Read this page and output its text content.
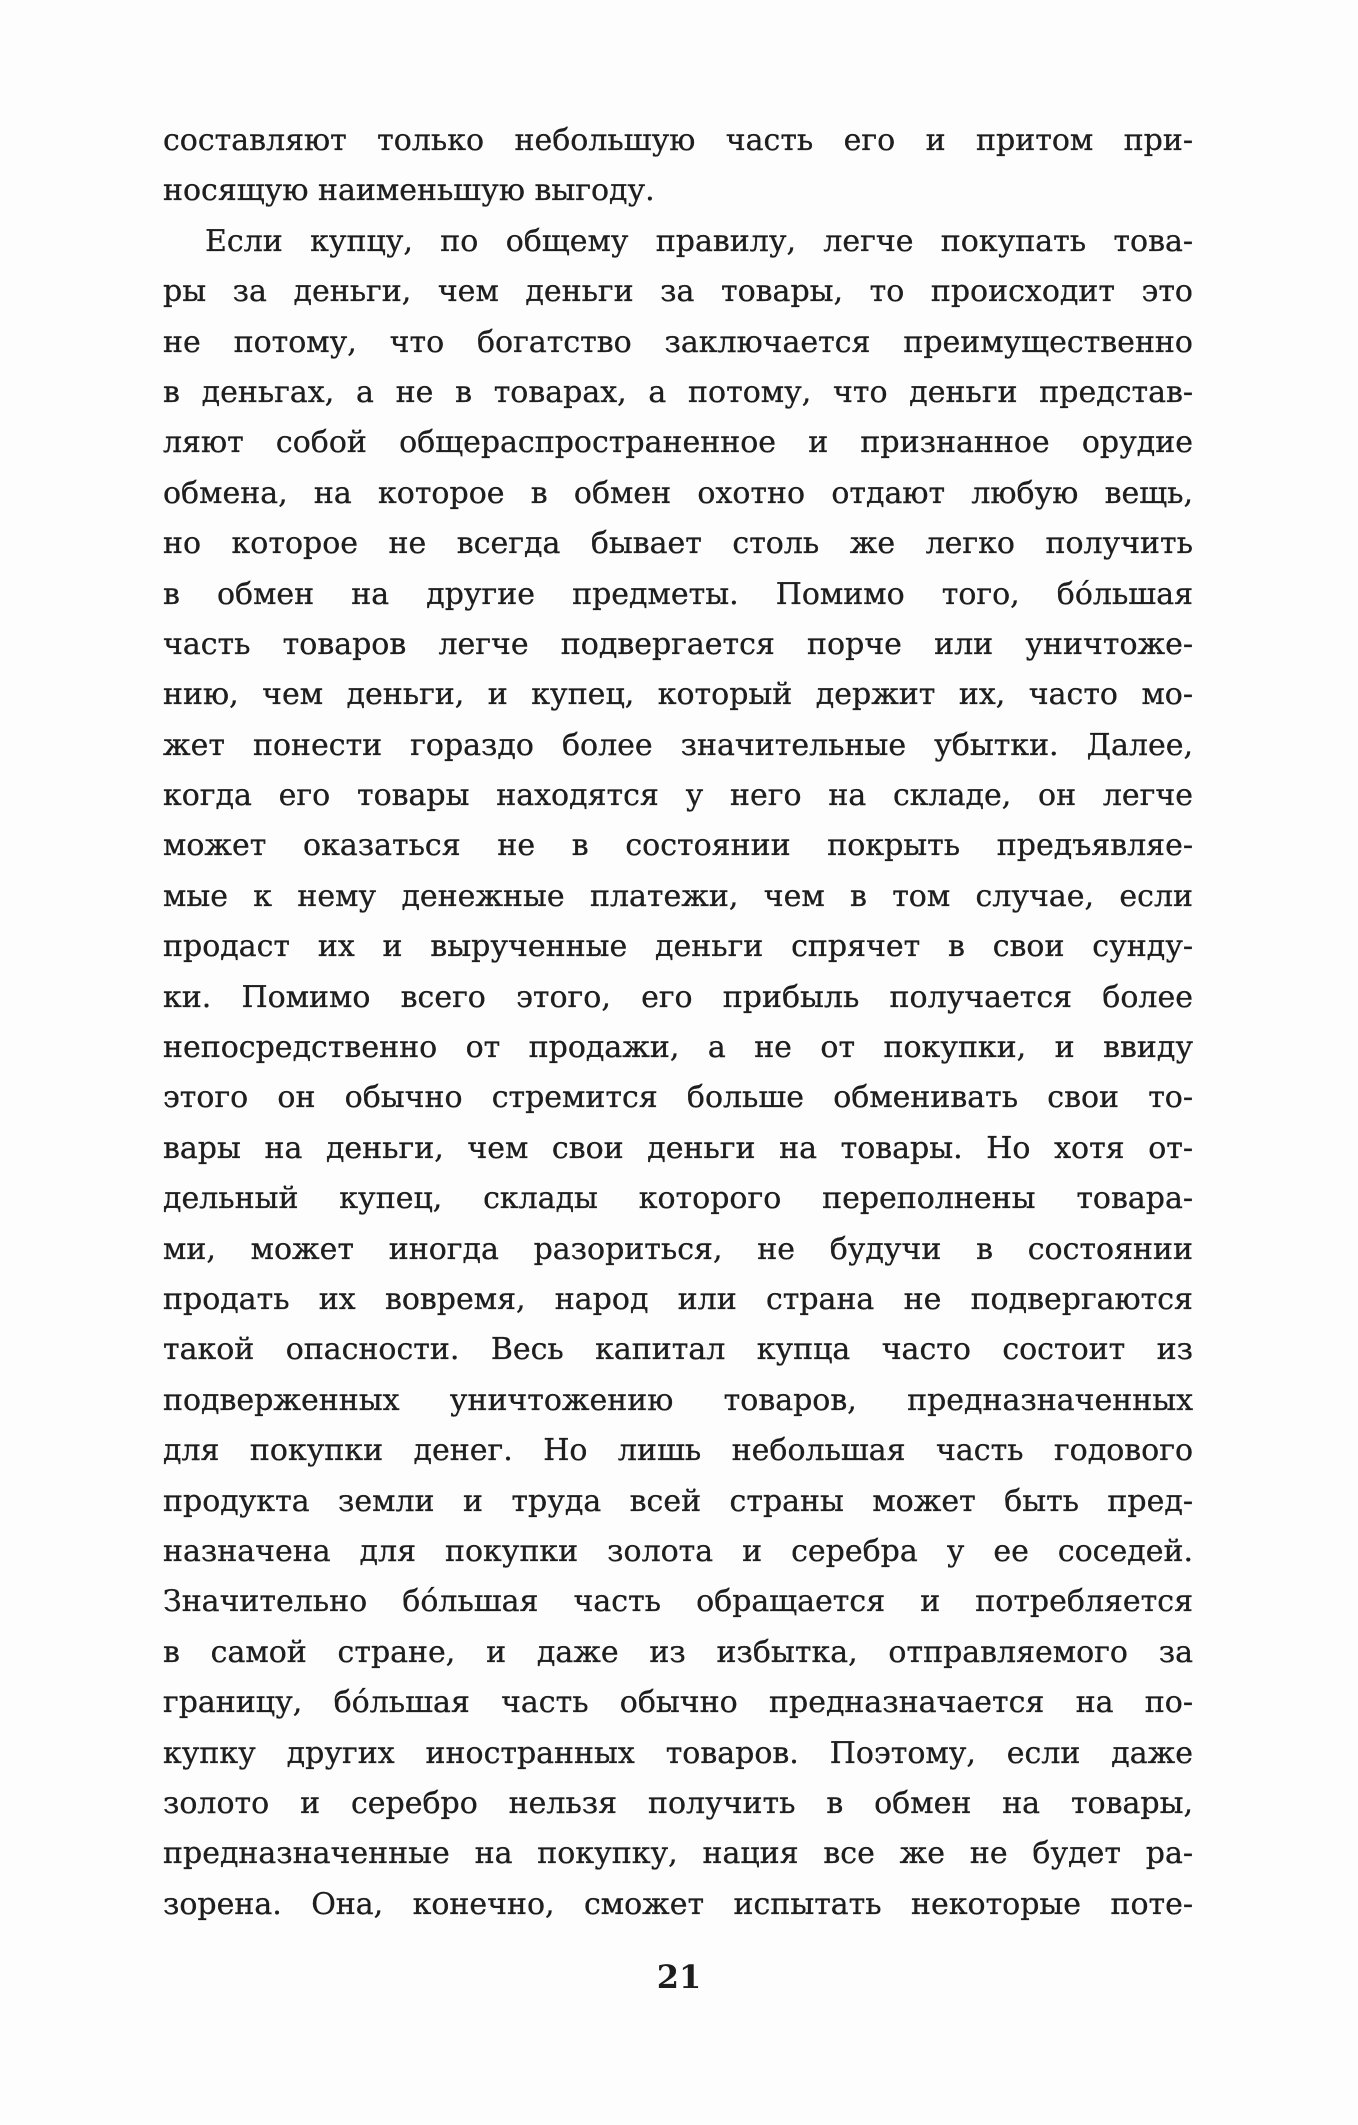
составляют только небольшую часть его и притом при-
носящую наименьшую выгоду.
Если купцу, по общему правилу, легче покупать това-
ры за деньги, чем деньги за товары, то происходит это
не потому, что богатство заключается преимущественно
в деньгах, а не в товарах, а потому, что деньги представ-
ляют собой общераспространенное и признанное орудие
обмена, на которое в обмен охотно отдают любую вещь,
но которое не всегда бывает столь же легко получить
в обмен на другие предметы. Помимо того, бóльшая
часть товаров легче подвергается порче или уничтоже-
нию, чем деньги, и купец, который держит их, часто мо-
жет понести гораздо более значительные убытки. Далее,
когда его товары находятся у него на складе, он легче
может оказаться не в состоянии покрыть предъявляе-
мые к нему денежные платежи, чем в том случае, если
продаст их и вырученные деньги спрячет в свои сунду-
ки. Помимо всего этого, его прибыль получается более
непосредственно от продажи, а не от покупки, и ввиду
этого он обычно стремится больше обменивать свои то-
вары на деньги, чем свои деньги на товары. Но хотя от-
дельный купец, склады которого переполнены товара-
ми, может иногда разориться, не будучи в состоянии
продать их вовремя, народ или страна не подвергаются
такой опасности. Весь капитал купца часто состоит из
подверженных уничтожению товаров, предназначенных
для покупки денег. Но лишь небольшая часть годового
продукта земли и труда всей страны может быть пред-
назначена для покупки золота и серебра у ее соседей.
Значительно бóльшая часть обращается и потребляется
в самой стране, и даже из избытка, отправляемого за
границу, бóльшая часть обычно предназначается на по-
купку других иностранных товаров. Поэтому, если даже
золото и серебро нельзя получить в обмен на товары,
предназначенные на покупку, нация все же не будет ра-
зорена. Она, конечно, сможет испытать некоторые поте-
21
